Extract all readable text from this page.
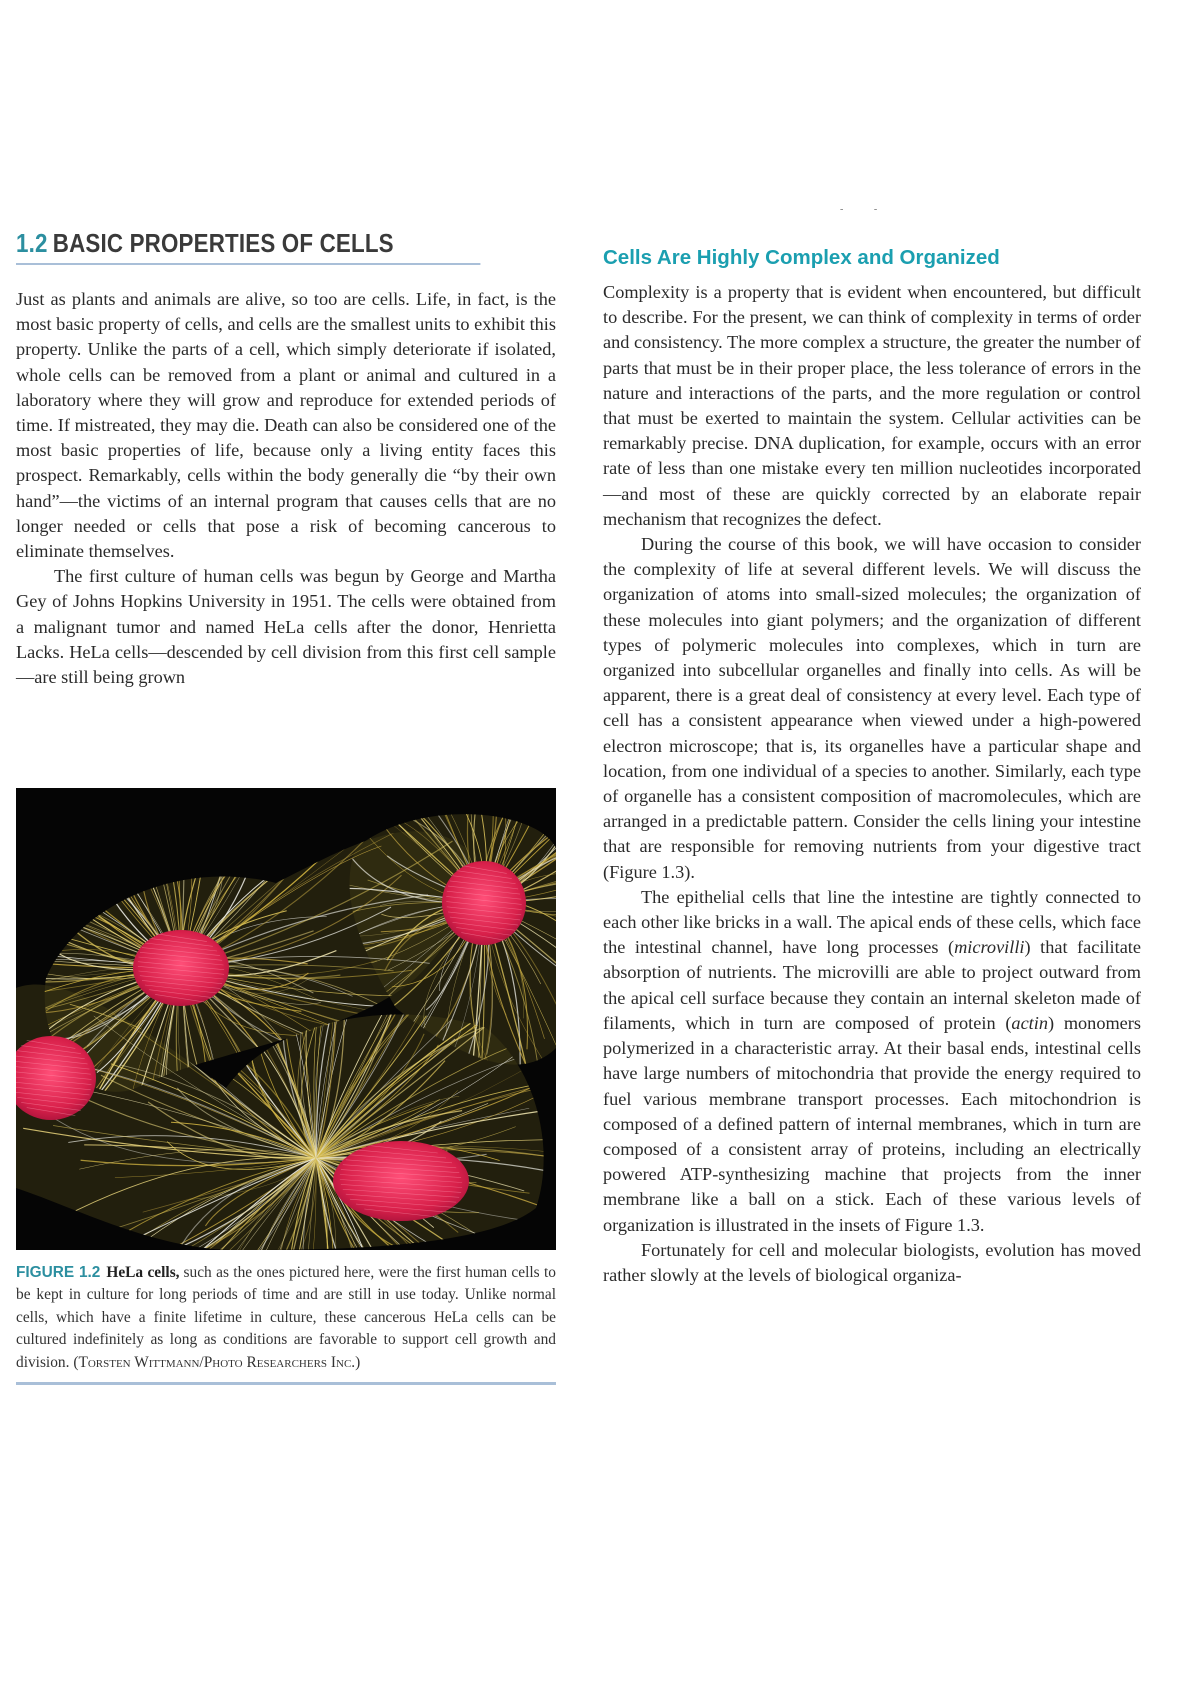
- -
1.2 BASIC PROPERTIES OF CELLS

Just as plants and animals are alive, so too are cells. Life, in fact, is the most basic property of cells, and cells are the smallest units to exhibit this property. Unlike the parts of a cell, which simply deteriorate if isolated, whole cells can be removed from a plant or animal and cultured in a laboratory where they will grow and reproduce for extended periods of time. If mistreated, they may die. Death can also be considered one of the most basic properties of life, because only a living entity faces this prospect. Remarkably, cells within the body generally die “by their own hand”—the victims of an internal program that causes cells that are no longer needed or cells that pose a risk of becoming cancerous to eliminate themselves.

The first culture of human cells was begun by George and Martha Gey of Johns Hopkins University in 1951. The cells were obtained from a malignant tumor and named HeLa cells after the donor, Henrietta Lacks. HeLa cells—descended by cell division from this first cell sample—are still being grown

FIGURE 1.2 HeLa cells, such as the ones pictured here, were the first human cells to be kept in culture for long periods of time and are still in use today. Unlike normal cells, which have a finite lifetime in culture, these cancerous HeLa cells can be cultured indefinitely as long as conditions are favorable to support cell growth and division. (Torsten Wittmann/Photo Researchers Inc.)
Cells Are Highly Complex and Organized

Complexity is a property that is evident when encountered, but difficult to describe. For the present, we can think of complexity in terms of order and consistency. The more complex a structure, the greater the number of parts that must be in their proper place, the less tolerance of errors in the nature and interactions of the parts, and the more regulation or control that must be exerted to maintain the system. Cellular activities can be remarkably precise. DNA duplication, for example, occurs with an error rate of less than one mistake every ten million nucleotides incorporated—and most of these are quickly corrected by an elaborate repair mechanism that recognizes the defect.

During the course of this book, we will have occasion to consider the complexity of life at several different levels. We will discuss the organization of atoms into small-sized molecules; the organization of these molecules into giant polymers; and the organization of different types of polymeric molecules into complexes, which in turn are organized into subcellular organelles and finally into cells. As will be apparent, there is a great deal of consistency at every level. Each type of cell has a consistent appearance when viewed under a high-powered electron microscope; that is, its organelles have a particular shape and location, from one individual of a species to another. Similarly, each type of organelle has a consistent composition of macromolecules, which are arranged in a predictable pattern. Consider the cells lining your intestine that are responsible for removing nutrients from your digestive tract (Figure 1.3).

The epithelial cells that line the intestine are tightly connected to each other like bricks in a wall. The apical ends of these cells, which face the intestinal channel, have long processes (microvilli) that facilitate absorption of nutrients. The microvilli are able to project outward from the apical cell surface because they contain an internal skeleton made of filaments, which in turn are composed of protein (actin) monomers polymerized in a characteristic array. At their basal ends, intestinal cells have large numbers of mitochondria that provide the energy required to fuel various membrane transport processes. Each mitochondrion is composed of a defined pattern of internal membranes, which in turn are composed of a consistent array of proteins, including an electrically powered ATP-synthesizing machine that projects from the inner membrane like a ball on a stick. Each of these various levels of organization is illustrated in the insets of Figure 1.3.

Fortunately for cell and molecular biologists, evolution has moved rather slowly at the levels of biological organiza-
